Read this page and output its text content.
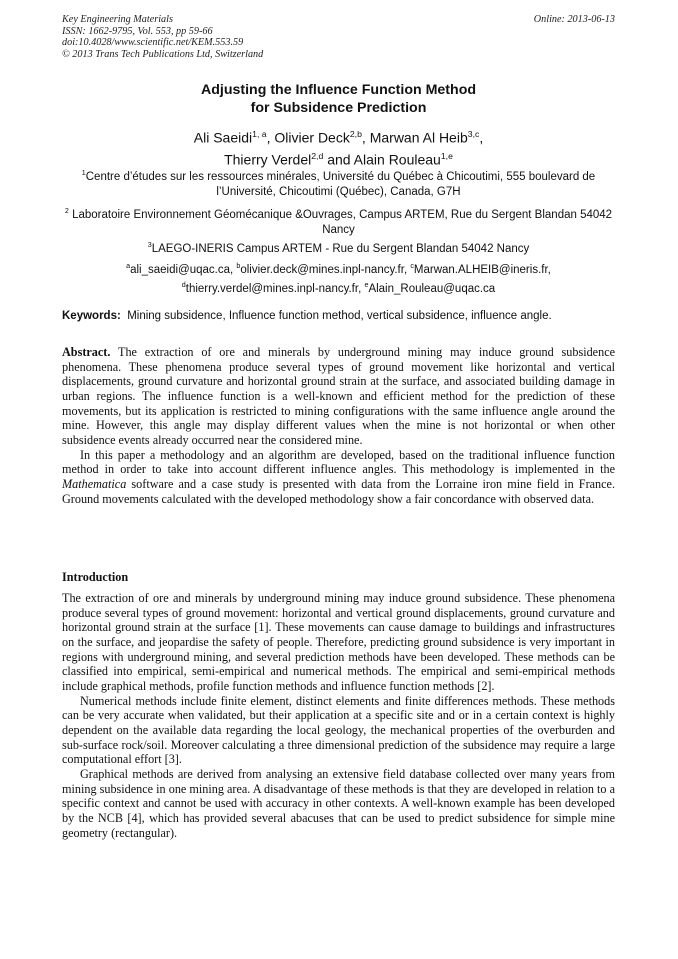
Key Engineering Materials
ISSN: 1662-9795, Vol. 553, pp 59-66
doi:10.4028/www.scientific.net/KEM.553.59
© 2013 Trans Tech Publications Ltd, Switzerland
Online: 2013-06-13
Adjusting the Influence Function Method
for Subsidence Prediction
Ali Saeidi$^{1, a}$, Olivier Deck$^{2,b}$, Marwan Al Heib$^{3,c}$,
Thierry Verdel$^{2,d}$ and Alain Rouleau$^{1,e}$
$^1$Centre d’études sur les ressources minérales, Université du Québec à Chicoutimi, 555 boulevard de l’Université, Chicoutimi (Québec), Canada, G7H
$^2$ Laboratoire Environnement Géomécanique &Ouvrages, Campus ARTEM, Rue du Sergent Blandan 54042 Nancy
$^3$LAEGO-INERIS Campus ARTEM - Rue du Sergent Blandan 54042 Nancy
$^a$ali_saeidi@uqac.ca, $^b$olivier.deck@mines.inpl-nancy.fr, $^c$Marwan.ALHEIB@ineris.fr,
$^d$thierry.verdel@mines.inpl-nancy.fr, $^e$Alain_Rouleau@uqac.ca
Keywords: Mining subsidence, Influence function method, vertical subsidence, influence angle.

Abstract. The extraction of ore and minerals by underground mining may induce ground subsidence phenomena. These phenomena produce several types of ground movement like horizontal and vertical displacements, ground curvature and horizontal ground strain at the surface, and associated building damage in urban regions. The influence function is a well-known and efficient method for the prediction of these movements, but its application is restricted to mining configurations with the same influence angle around the mine. However, this angle may display different values when the mine is not horizontal or when other subsidence events already occurred near the considered mine.

In this paper a methodology and an algorithm are developed, based on the traditional influence function method in order to take into account different influence angles. This methodology is implemented in the Mathematica software and a case study is presented with data from the Lorraine iron mine field in France. Ground movements calculated with the developed methodology show a fair concordance with observed data.

Introduction

The extraction of ore and minerals by underground mining may induce ground subsidence. These phenomena produce several types of ground movement: horizontal and vertical ground displacements, ground curvature and horizontal ground strain at the surface [1]. These movements can cause damage to buildings and infrastructures on the surface, and jeopardise the safety of people. Therefore, predicting ground subsidence is very important in regions with underground mining, and several prediction methods have been developed. These methods can be classified into empirical, semi-empirical and numerical methods. The empirical and semi-empirical methods include graphical methods, profile function methods and influence function methods [2].

Numerical methods include finite element, distinct elements and finite differences methods. These methods can be very accurate when validated, but their application at a specific site and or in a certain context is highly dependent on the available data regarding the local geology, the mechanical properties of the overburden and sub-surface rock/soil. Moreover calculating a three dimensional prediction of the subsidence may require a large computational effort [3].

Graphical methods are derived from analysing an extensive field database collected over many years from mining subsidence in one mining area. A disadvantage of these methods is that they are developed in relation to a specific context and cannot be used with accuracy in other contexts. A well-known example has been developed by the NCB [4], which has provided several abacuses that can be used to predict subsidence for simple mine geometry (rectangular).
